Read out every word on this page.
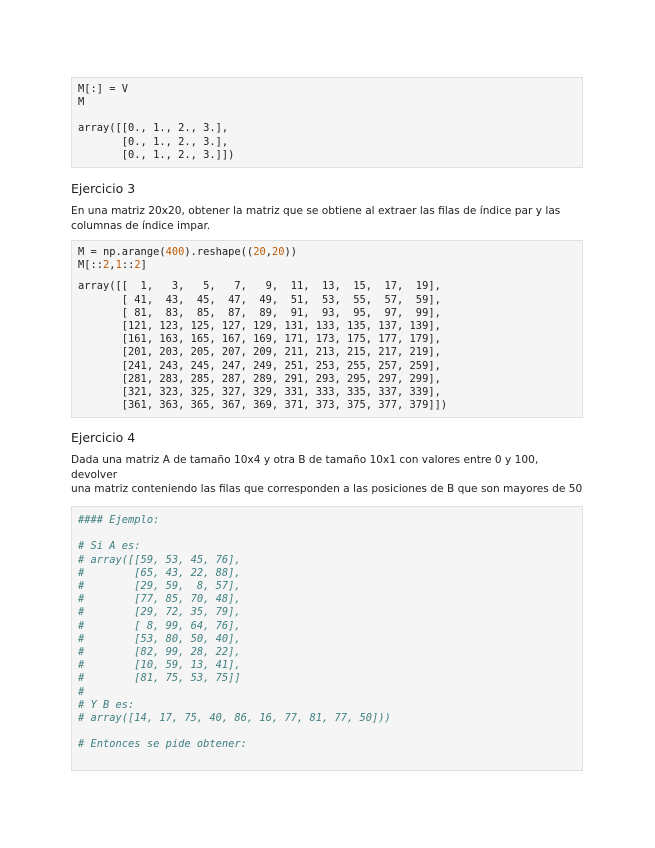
M[:] = V
M
array([[0., 1., 2., 3.],
[0., 1., 2., 3.],
[0., 1., 2., 3.]])
Ejercicio 3

En una matriz 20x20, obtener la matriz que se obtiene al extraer las filas de índice par y las
columnas de índice impar.

M = np.arange(400).reshape((20,20))
M[::2,1::2]
array([[  1,   3,   5,   7,   9,  11,  13,  15,  17,  19],
[ 41,  43,  45,  47,  49,  51,  53,  55,  57,  59],
[ 81,  83,  85,  87,  89,  91,  93,  95,  97,  99],
[121, 123, 125, 127, 129, 131, 133, 135, 137, 139],
[161, 163, 165, 167, 169, 171, 173, 175, 177, 179],
[201, 203, 205, 207, 209, 211, 213, 215, 217, 219],
[241, 243, 245, 247, 249, 251, 253, 255, 257, 259],
[281, 283, 285, 287, 289, 291, 293, 295, 297, 299],
[321, 323, 325, 327, 329, 331, 333, 335, 337, 339],
[361, 363, 365, 367, 369, 371, 373, 375, 377, 379]])
Ejercicio 4

Dada una matriz A de tamaño 10x4 y otra B de tamaño 10x1 con valores entre 0 y 100, devolver
una matriz conteniendo las filas que corresponden a las posiciones de B que son mayores de 50

#### Ejemplo:

# Si A es:
# array([[59, 53, 45, 76],
#        [65, 43, 22, 88],
#        [29, 59,  8, 57],
#        [77, 85, 70, 48],
#        [29, 72, 35, 79],
#        [ 8, 99, 64, 76],
#        [53, 80, 50, 40],
#        [82, 99, 28, 22],
#        [10, 59, 13, 41],
#        [81, 75, 53, 75]]
#
# Y B es:
# array([14, 17, 75, 40, 86, 16, 77, 81, 77, 50]))

# Entonces se pide obtener:
